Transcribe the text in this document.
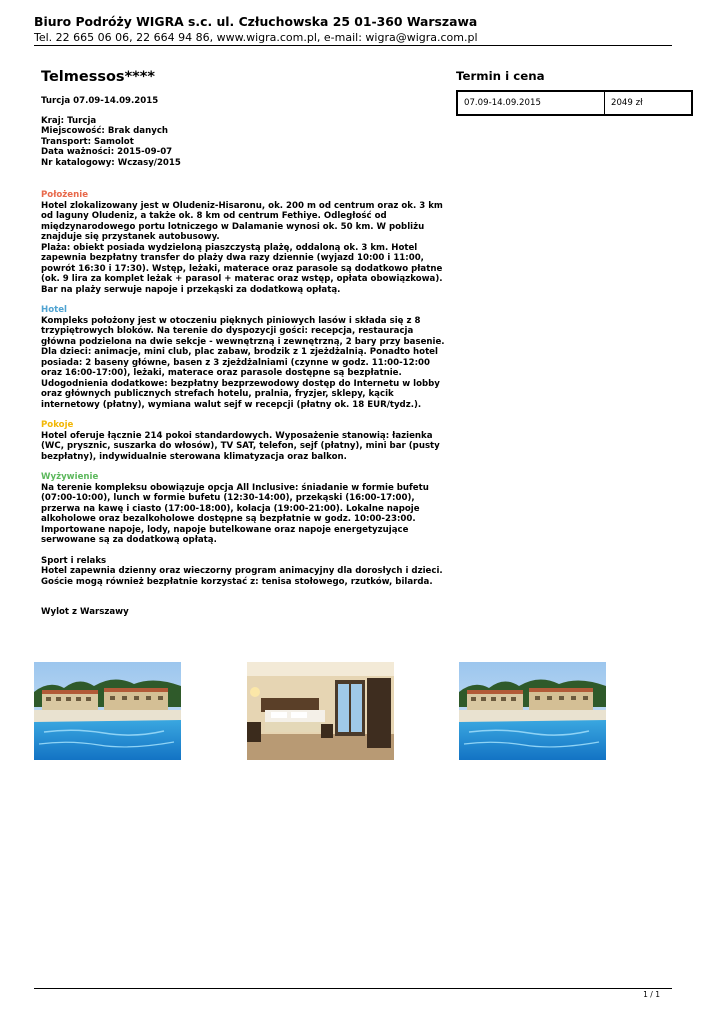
Biuro Podróży WIGRA s.c. ul. Człuchowska 25 01-360 Warszawa
Tel. 22 665 06 06, 22 664 94 86, www.wigra.com.pl, e-mail: wigra@wigra.com.pl
Telmessos****
Turcja 07.09-14.09.2015
Kraj: Turcja
Miejscowość: Brak danych
Transport: Samolot
Data ważności: 2015-09-07
Nr katalogowy: Wczasy/2015
Położenie
Hotel zlokalizowany jest w Oludeniz-Hisaronu, ok. 200 m od centrum oraz ok. 3 km
od laguny Oludeniz, a także ok. 8 km od centrum Fethiye. Odległość od
międzynarodowego portu lotniczego w Dalamanie wynosi ok. 50 km. W pobliżu
znajduje się przystanek autobusowy.
Plaża: obiekt posiada wydzieloną piaszczystą plażę, oddaloną ok. 3 km. Hotel
zapewnia bezpłatny transfer do plaży dwa razy dziennie (wyjazd 10:00 i 11:00,
powrót 16:30 i 17:30). Wstęp, leżaki, materace oraz parasole są dodatkowo płatne
(ok. 9 lira za komplet leżak + parasol + materac oraz wstęp, opłata obowiązkowa).
Bar na plaży serwuje napoje i przekąski za dodatkową opłatą.
Hotel
Kompleks położony jest w otoczeniu pięknych piniowych lasów i składa się z 8
trzypiętrowych bloków. Na terenie do dyspozycji gości: recepcja, restauracja
główna podzielona na dwie sekcje - wewnętrzną i zewnętrzną, 2 bary przy basenie.
Dla dzieci: animacje, mini club, plac zabaw, brodzik z 1 zjeżdżalnią. Ponadto hotel
posiada: 2 baseny główne, basen z 3 zjeżdżalniami (czynne w godz. 11:00-12:00
oraz 16:00-17:00), leżaki, materace oraz parasole dostępne są bezpłatnie.
Udogodnienia dodatkowe: bezpłatny bezprzewodowy dostęp do Internetu w lobby
oraz głównych publicznych strefach hotelu, pralnia, fryzjer, sklepy, kącik
internetowy (płatny), wymiana walut sejf w recepcji (płatny ok. 18 EUR/tydz.).
Pokoje
Hotel oferuje łącznie 214 pokoi standardowych. Wyposażenie stanowią: łazienka
(WC, prysznic, suszarka do włosów), TV SAT, telefon, sejf (płatny), mini bar (pusty
bezpłatny), indywidualnie sterowana klimatyzacja oraz balkon.
Wyżywienie
Na terenie kompleksu obowiązuje opcja All Inclusive: śniadanie w formie bufetu
(07:00-10:00), lunch w formie bufetu (12:30-14:00), przekąski (16:00-17:00),
przerwa na kawę i ciasto (17:00-18:00), kolacja (19:00-21:00). Lokalne napoje
alkoholowe oraz bezalkoholowe dostępne są bezpłatnie w godz. 10:00-23:00.
Importowane napoje, lody, napoje butelkowane oraz napoje energetyzujące
serwowane są za dodatkową opłatą.
Sport i relaks
Hotel zapewnia dzienny oraz wieczorny program animacyjny dla dorosłych i dzieci.
Goście mogą również bezpłatnie korzystać z: tenisa stołowego, rzutków, bilarda.
Wylot z Warszawy
Termin i cena
07.09-14.09.2015	2049 zł
1 / 1
